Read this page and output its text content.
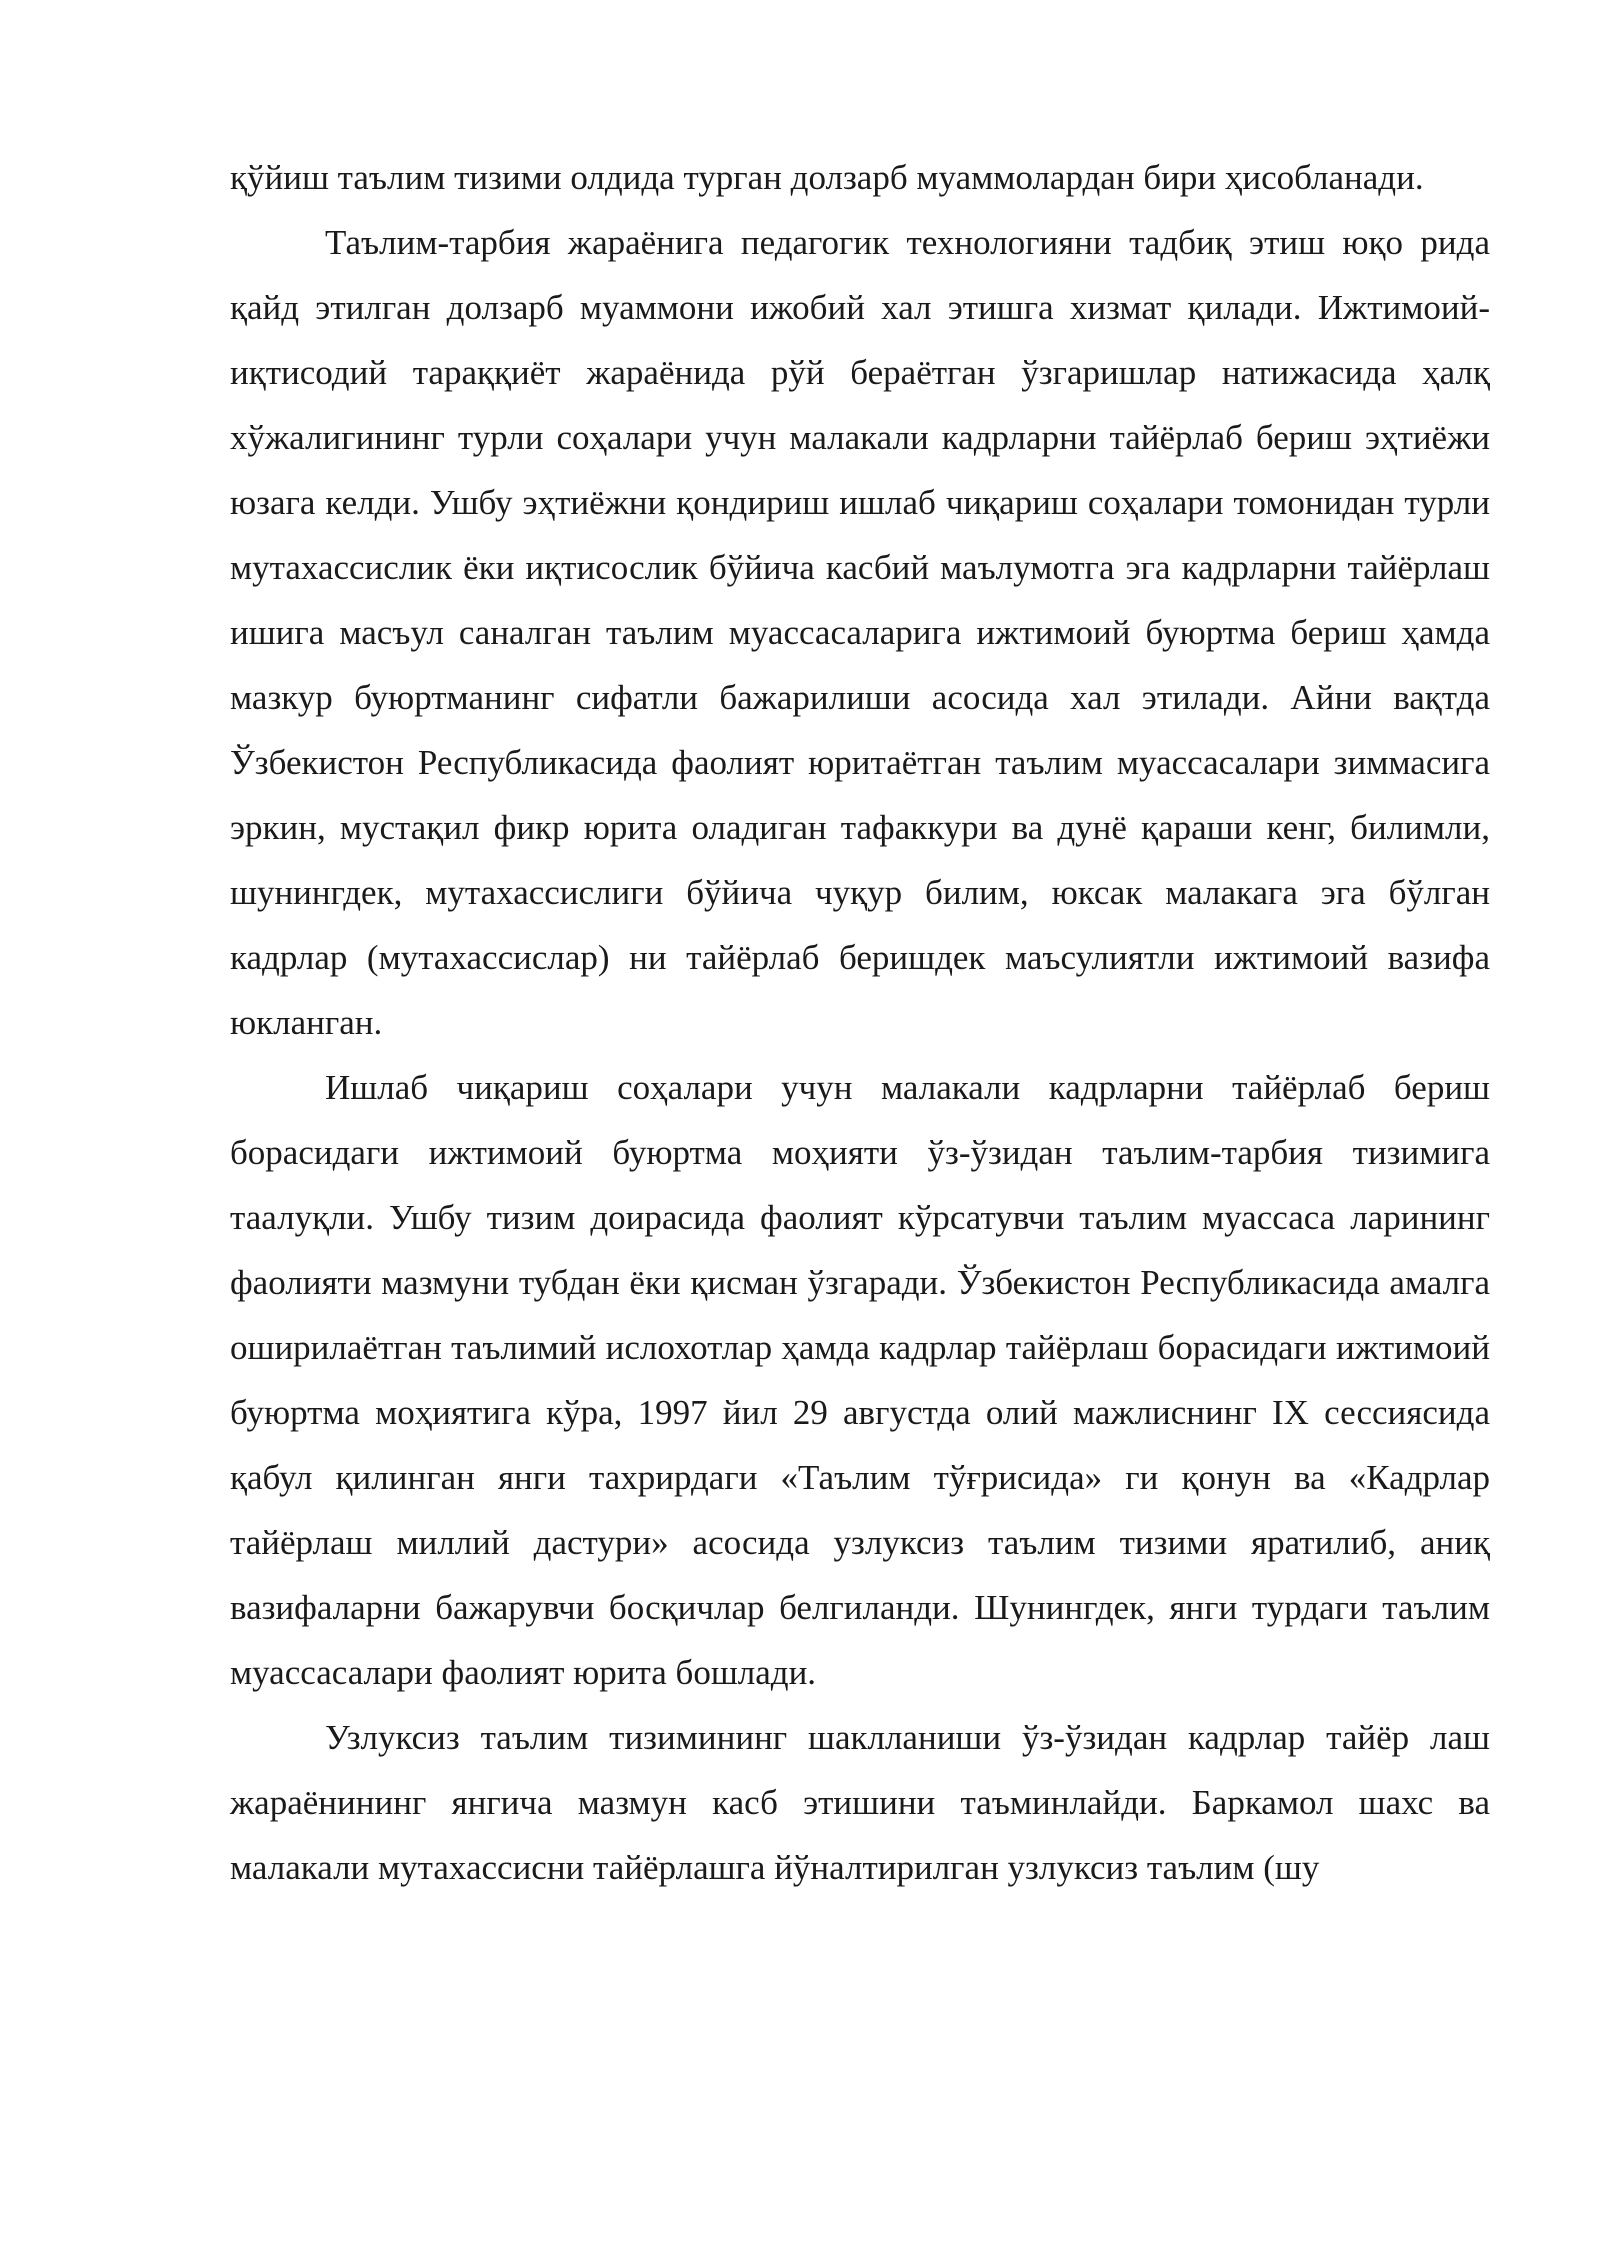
қўйиш таълим тизими олдида турган долзарб муаммолардан бири ҳисобланади.

Таълим-тарбия жараёнига педагогик технологияни тадбиқ этиш юқо рида қайд этилган долзарб муаммони ижобий хал этишга хизмат қилади. Ижтимоий-иқтисодий тараққиёт жараёнида рўй бераётган ўзгаришлар натижасида ҳалқ хўжалигининг турли соҳалари учун малакали кадрларни тайёрлаб бериш эҳтиёжи юзага келди. Ушбу эҳтиёжни қондириш ишлаб чиқариш соҳалари томонидан турли мутахассислик ёки иқтисослик бўйича касбий маълумотга эга кадрларни тайёрлаш ишига масъул саналган таълим муассасаларига ижтимоий буюртма бериш ҳамда мазкур буюртманинг сифатли бажарилиши асосида хал этилади. Айни вақтда Ўзбекистон Республикасида фаолият юритаётган таълим муассасалари зиммасига эркин, мустақил фикр юрита оладиган тафаккури ва дунё қараши кенг, билимли, шунингдек, мутахассислиги бўйича чуқур билим, юксак малакага эга бўлган кадрлар (мутахассислар) ни тайёрлаб беришдек маъсулиятли ижтимоий вазифа юкланган.

Ишлаб чиқариш соҳалари учун малакали кадрларни тайёрлаб бериш борасидаги ижтимоий буюртма моҳияти ўз-ўзидан таълим-тарбия тизимига таалуқли. Ушбу тизим доирасида фаолият кўрсатувчи таълим муассаса ларининг фаолияти мазмуни тубдан ёки қисман ўзгаради. Ўзбекистон Республикасида амалга оширилаётган таълимий ислохотлар ҳамда кадрлар тайёрлаш борасидаги ижтимоий буюртма моҳиятига кўра, 1997 йил 29 августда олий мажлиснинг IX сессиясида қабул қилинган янги тахрирдаги «Таълим тўғрисида» ги қонун ва «Кадрлар тайёрлаш миллий дастури» асосида узлуксиз таълим тизими яратилиб, аниқ вазифаларни бажарувчи босқичлар белгиланди. Шунингдек, янги турдаги таълим муассасалари фаолият юрита бошлади.

Узлуксиз таълим тизимининг шаклланиши ўз-ўзидан кадрлар тайёр лаш жараёнининг янгича мазмун касб этишини таъминлайди. Баркамол шахс ва малакали мутахассисни тайёрлашга йўналтирилган узлуксиз таълим (шу
